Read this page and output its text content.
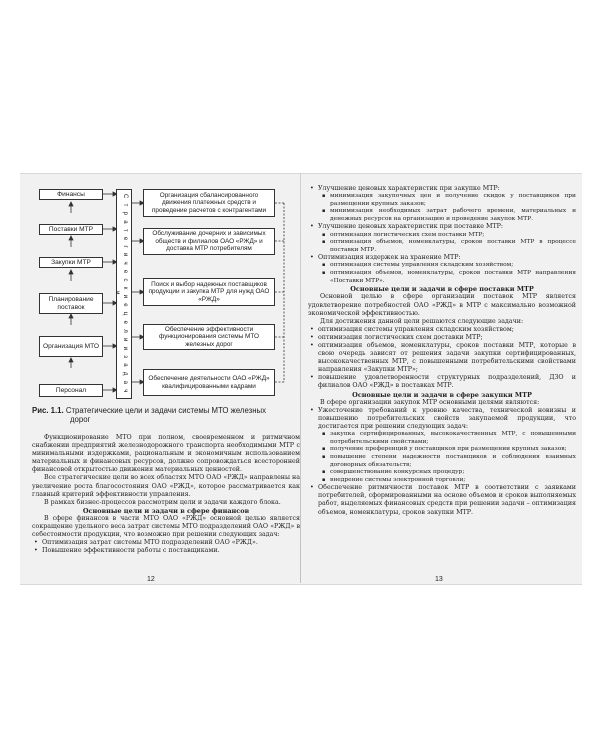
Финансы
Поставки МТР
Закупки МТР
Планирование поставок
Организация МТО
Персонал	С т р а т е г и ч е с к и е ц е л и и з а д а ч и
Организация сбалансированного движения платежных средств и проведение расчетов с контрагентами
Обслуживание дочерних и зависимых обществ и филиалов ОАО «РЖД» и доставка МТР потребителям
Поиск и выбор надежных поставщиков продукции и закупка МТР для нужд ОАО «РЖД»
Обеспечение эффективности функционирования системы МТО железных дорог
Обеспечение деятельности ОАО «РЖД» квалифицированными кадрами
Рис. 1.1. Стратегические цели и задачи системы МТО железных
дорог

Функционирование МТО при полном, своевременном и ритмичном снабжении предприятий железнодорожного транспорта необходимыми МТР с минимальными издержками, рациональным и экономичным использованием материальных и финансовых ресурсов, должно сопровождаться всесторонней финансовой открытостью движения материальных ценностей.

Все стратегические цели во всех областях МТО ОАО «РЖД» направлены на увеличение роста благосостояния ОАО «РЖД», которое рассматривается как главный критерий эффективности управления.

В рамках бизнес-процессов рассмотрим цели и задачи каждого блока.

Основные цели и задачи в сфере финансов

В сфере финансов в части МТО ОАО «РЖД» основной целью является сокращение удельного веса затрат системы МТО подразделений ОАО «РЖД» в себестоимости продукции, что возможно при решении следующих задач:

• Оптимизация затрат системы МТО подразделений ОАО «РЖД».
• Повышение эффективности работы с поставщиками.
12
• Улучшение ценовых характеристик при закупке МТР:
▪ минимизация закупочных цен и получение скидок у поставщиков при размещении крупных заказов;
▪ минимизация необходимых затрат рабочего времени, материальных и денежных ресурсов на организацию и проведение закупок МТР.
• Улучшение ценовых характеристик при поставке МТР:
▪ оптимизация логистических схем поставки МТР;
▪ оптимизация объемов, номенклатуры, сроков поставки МТР в процессе поставки МТР.
• Оптимизация издержек на хранение МТР:
▪ оптимизация системы управления складским хозяйством;
▪ оптимизация объемов, номенклатуры, сроков поставки МТР направления «Поставки МТР».

Основные цели и задачи в сфере поставки МТР

Основной целью в сфере организации поставок МТР является удовлетворение потребностей ОАО «РЖД» в МТР с максимально возможной экономической эффективностью.

Для достижения данной цели решаются следующие задачи:

• оптимизация системы управления складским хозяйством;
• оптимизация логистических схем доставки МТР;
• оптимизация объемов, номенклатуры, сроков поставки МТР, которые в свою очередь зависят от решения задачи закупки сертифицированных, высококачественных МТР, с повышенными потребительскими свойствами направления «Закупки МТР»;
• повышение удовлетворенности структурных подразделений, ДЗО и филиалов ОАО «РЖД» в поставках МТР.

Основные цели и задачи в сфере закупки МТР

В сфере организации закупок МТР основными целями являются:

• Ужесточение требований к уровню качества, технической новизны и повышению потребительских свойств закупаемой продукции, что достигается при решении следующих задач:
▪ закупка сертифицированных, высококачественных МТР, с повышенными потребительскими свойствами;
▪ получение преференций у поставщиков при размещении крупных заказов;
▪ повышение степени надежности поставщиков и соблюдения взаимных договорных обязательств;
▪ совершенствование конкурсных процедур;
▪ внедрение системы электронной торговли;
• Обеспечение ритмичности поставок МТР в соответствии с заявками потребителей, сформированными на основе объемов и сроков выполняемых работ, выделяемых финансовых средств при решении задачи – оптимизация объемов, номенклатуры, сроков закупки МТР.
13
